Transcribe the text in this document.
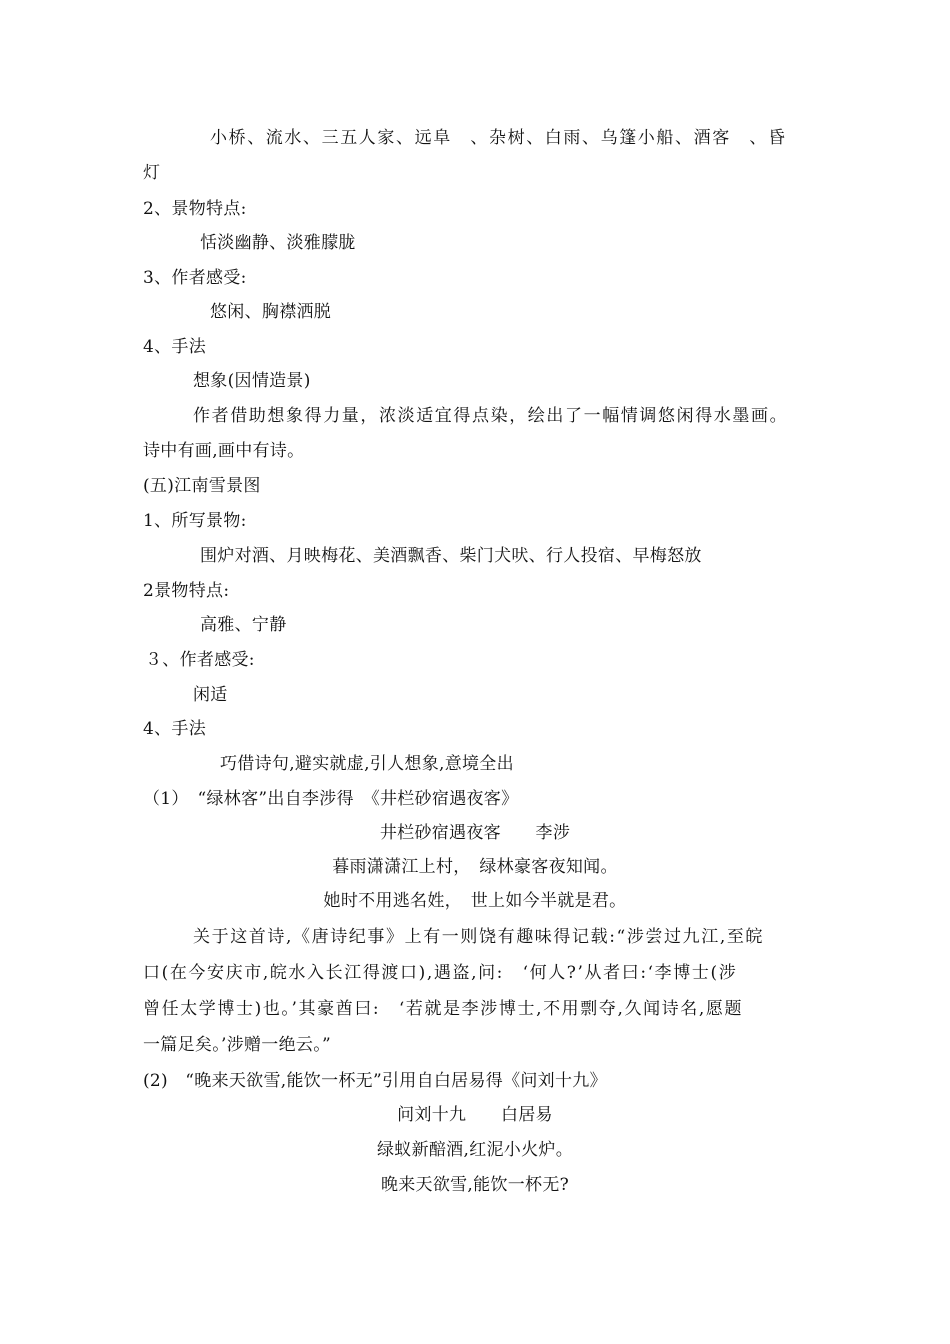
小桥、流水、三五人家、远阜　、杂树、白雨、乌篷小船、酒客　、昏
灯
2、景物特点:
恬淡幽静、淡雅朦胧
3、作者感受:
悠闲、胸襟洒脱
4、手法
想象(因情造景)
作者借助想象得力量，浓淡适宜得点染，绘出了一幅情调悠闲得水墨画。
诗中有画,画中有诗。
(五)江南雪景图
1、所写景物:
围炉对酒、月映梅花、美酒飘香、柴门犬吠、行人投宿、早梅怒放
2景物特点:
高雅、宁静
３、作者感受:
闲适
4、手法
巧借诗句,避实就虚,引人想象,意境全出
（1）　“绿林客”出自李涉得　《井栏砂宿遇夜客》
井栏砂宿遇夜客　　李涉
暮雨潇潇江上村，　绿林豪客夜知闻。
她时不用逃名姓，　世上如今半就是君。
关于这首诗,《唐诗纪事》上有一则饶有趣味得记载:“涉尝过九江,至皖
口(在今安庆市,皖水入长江得渡口),遇盗,问:　‘何人?’从者曰:‘李博士(涉
曾任太学博士)也。’其豪酋曰:　‘若就是李涉博士,不用剽夺,久闻诗名,愿题
一篇足矣。’涉赠一绝云。”
(2)　“晚来天欲雪,能饮一杯无”引用自白居易得《问刘十九》
问刘十九　　白居易
绿蚁新醅酒,红泥小火炉。
晚来天欲雪,能饮一杯无?
